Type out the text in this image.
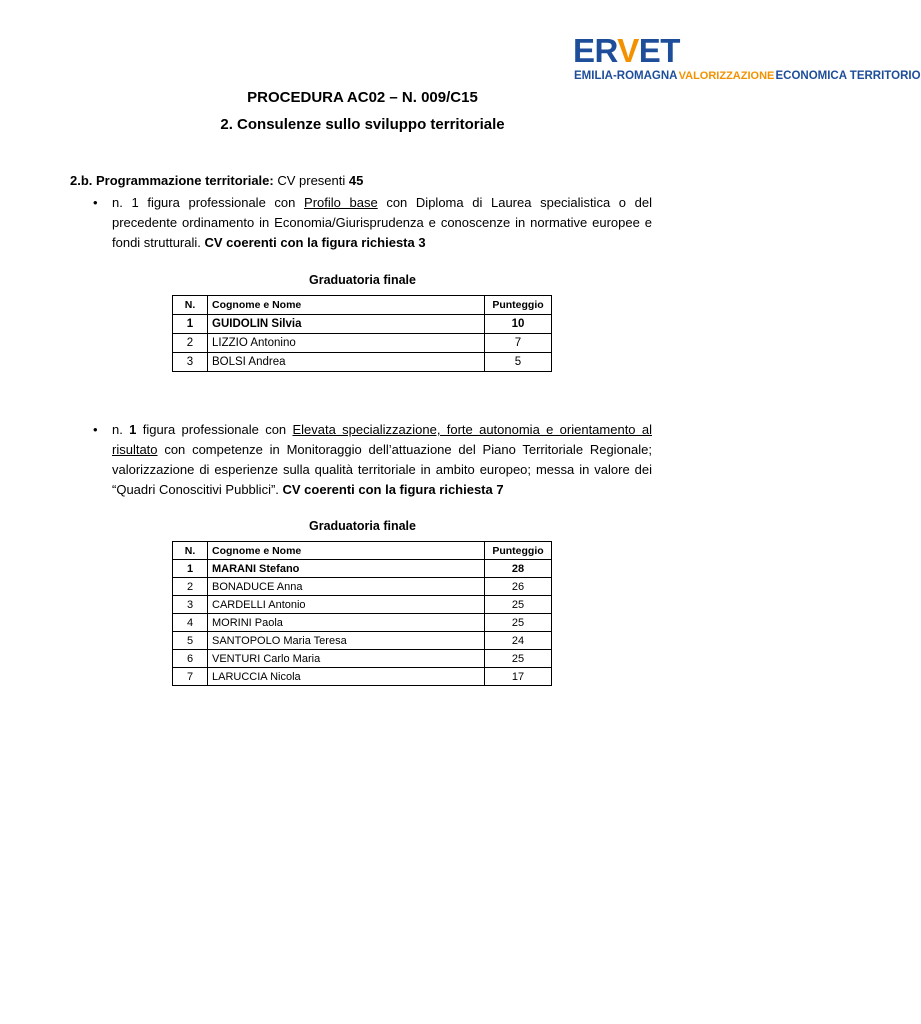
ERVET
EMILIA-ROMAGNA VALORIZZAZIONE ECONOMICA TERRITORIO
PROCEDURA AC02 – N. 009/C15
2. Consulenze sullo sviluppo territoriale
2.b. Programmazione territoriale: CV presenti 45
• n. 1 figura professionale con Profilo base con Diploma di Laurea specialistica o del precedente ordinamento in Economia/Giurisprudenza e conoscenze in normative europee e fondi strutturali. CV coerenti con la figura richiesta 3
Graduatoria finale
N.	Cognome e Nome	Punteggio
1	GUIDOLIN Silvia	10
2	LIZZIO Antonino	7
3	BOLSI Andrea	5
• n. 1 figura professionale con Elevata specializzazione, forte autonomia e orientamento al risultato con competenze in Monitoraggio dell’attuazione del Piano Territoriale Regionale; valorizzazione di esperienze sulla qualità territoriale in ambito europeo; messa in valore dei “Quadri Conoscitivi Pubblici”. CV coerenti con la figura richiesta 7
Graduatoria finale
N.	Cognome e Nome	Punteggio
1	MARANI Stefano	28
2	BONADUCE Anna	26
3	CARDELLI Antonio	25
4	MORINI Paola	25
5	SANTOPOLO Maria Teresa	24
6	VENTURI Carlo Maria	25
7	LARUCCIA Nicola	17
